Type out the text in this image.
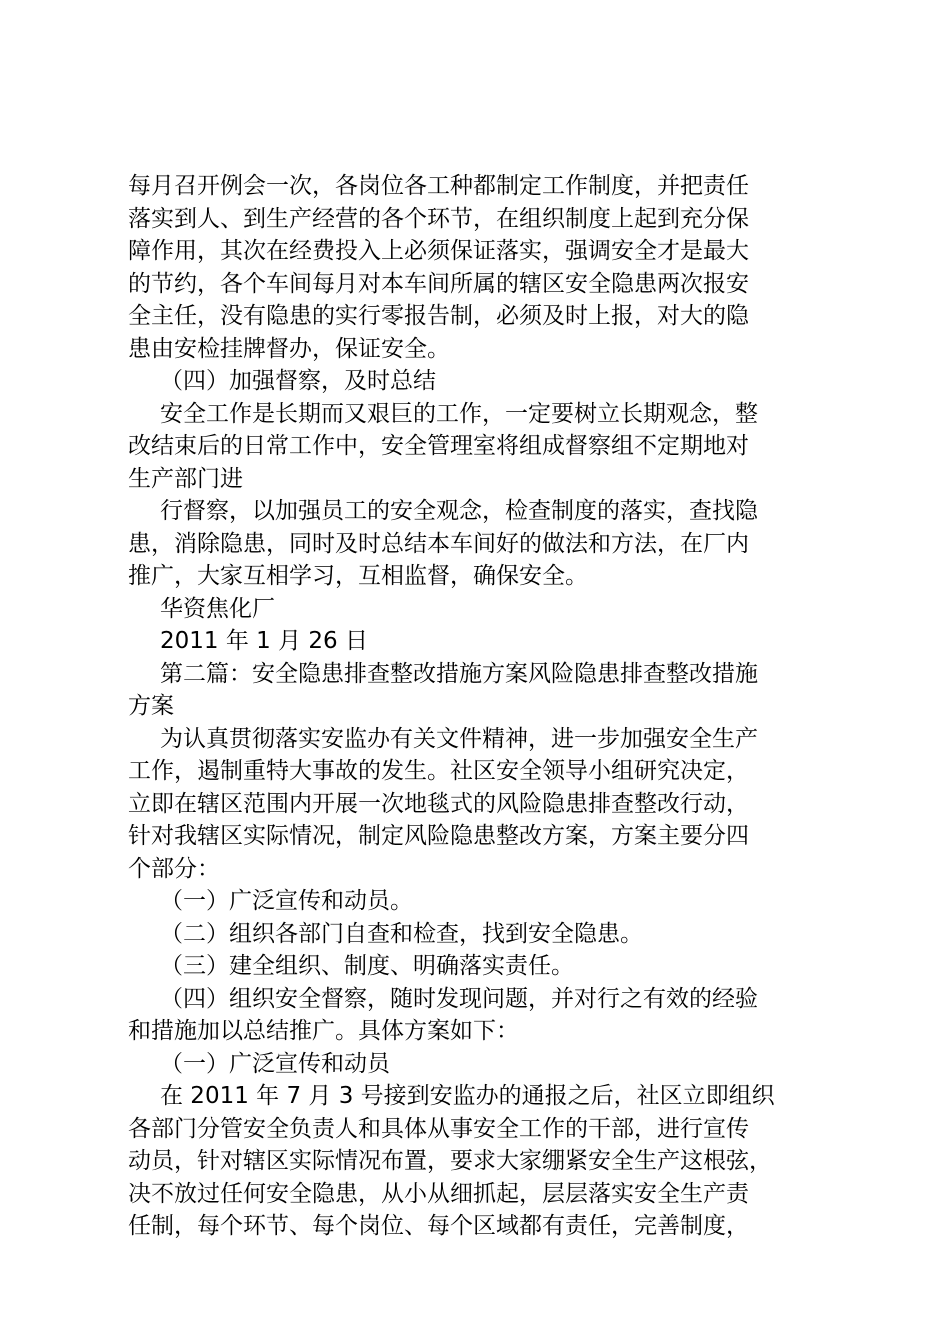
每月召开例会一次，各岗位各工种都制定工作制度，并把责任

落实到人、到生产经营的各个环节，在组织制度上起到充分保

障作用，其次在经费投入上必须保证落实，强调安全才是最大

的节约，各个车间每月对本车间所属的辖区安全隐患两次报安

全主任，没有隐患的实行零报告制，必须及时上报，对大的隐

患由安检挂牌督办，保证安全。

（四）加强督察，及时总结

安全工作是长期而又艰巨的工作，一定要树立长期观念，整

改结束后的日常工作中，安全管理室将组成督察组不定期地对

生产部门进

行督察，以加强员工的安全观念，检查制度的落实，查找隐

患，消除隐患，同时及时总结本车间好的做法和方法，在厂内

推广，大家互相学习，互相监督，确保安全。

华资焦化厂

2011 年 1 月 26 日

第二篇：安全隐患排查整改措施方案风险隐患排查整改措施

方案

为认真贯彻落实安监办有关文件精神，进一步加强安全生产

工作，遏制重特大事故的发生。社区安全领导小组研究决定，

立即在辖区范围内开展一次地毯式的风险隐患排查整改行动，

针对我辖区实际情况，制定风险隐患整改方案，方案主要分四

个部分：

（一）广泛宣传和动员。

（二）组织各部门自查和检查，找到安全隐患。

（三）建全组织、制度、明确落实责任。

（四）组织安全督察，随时发现问题，并对行之有效的经验

和措施加以总结推广。具体方案如下：

（一）广泛宣传和动员

在 2011 年 7 月 3 号接到安监办的通报之后，社区立即组织

各部门分管安全负责人和具体从事安全工作的干部，进行宣传

动员，针对辖区实际情况布置，要求大家绷紧安全生产这根弦，

决不放过任何安全隐患，从小从细抓起，层层落实安全生产责

任制，每个环节、每个岗位、每个区域都有责任，完善制度，
